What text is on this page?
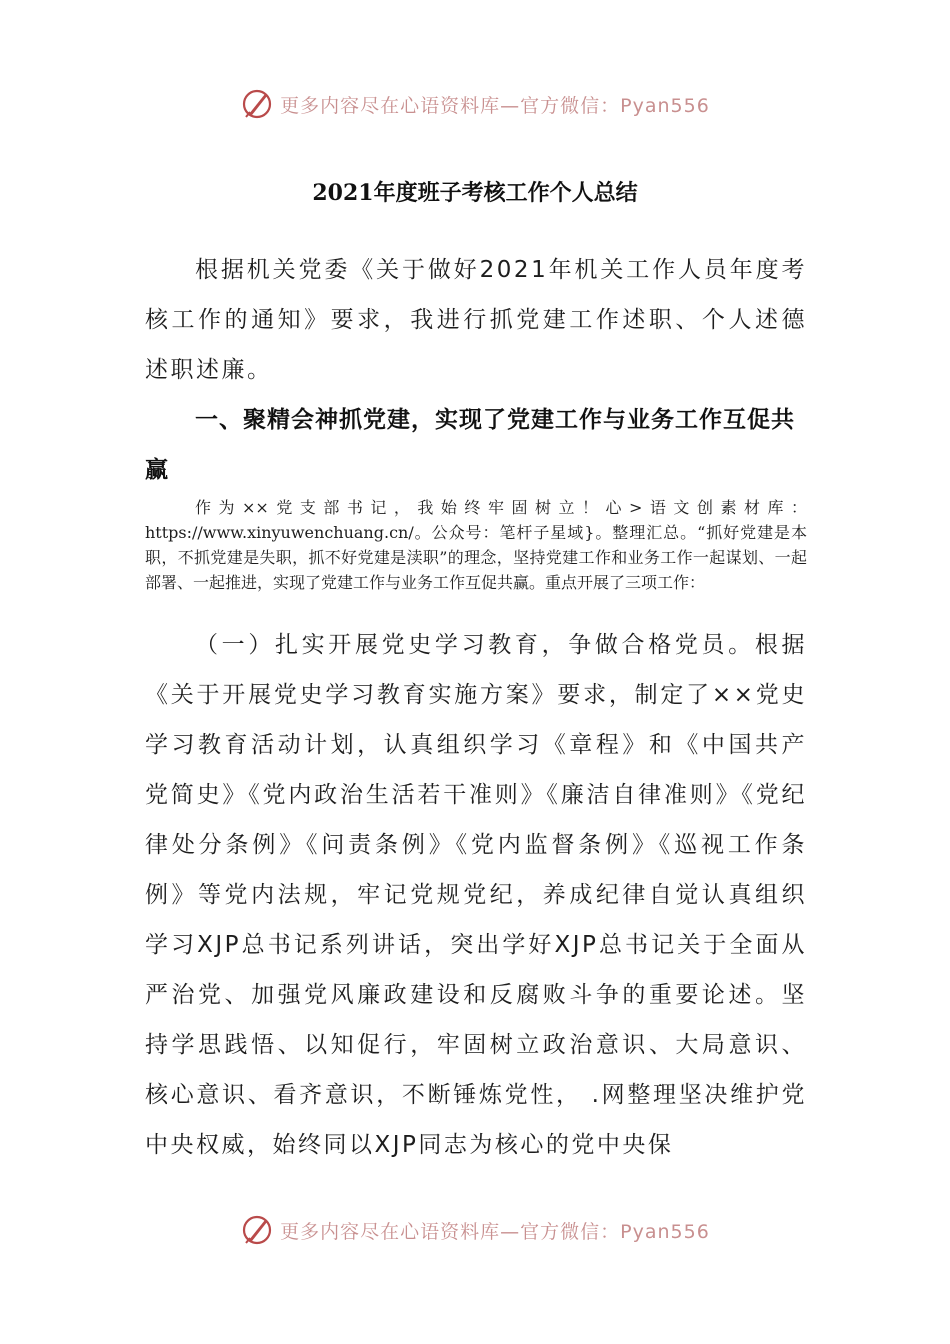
更多内容尽在心语资料库—官方微信：Pyan556
2021年度班子考核工作个人总结

根据机关党委《关于做好2021年机关工作人员年度考核工作的通知》要求，我进行抓党建工作述职、个人述德述职述廉。

一、聚精会神抓党建，实现了党建工作与业务工作互促共赢

作为××党支部书记，我始终牢固树立！心>语文创素材库：https://www.xinyuwenchuang.cn/。公众号：笔杆子星域}。整理汇总。“抓好党建是本职，不抓党建是失职，抓不好党建是渎职”的理念，坚持党建工作和业务工作一起谋划、一起部署、一起推进，实现了党建工作与业务工作互促共赢。重点开展了三项工作：

（一）扎实开展党史学习教育，争做合格党员。根据《关于开展党史学习教育实施方案》要求，制定了××党史学习教育活动计划，认真组织学习《章程》和《中国共产党简史》《党内政治生活若干准则》《廉洁自律准则》《党纪律处分条例》《问责条例》《党内监督条例》《巡视工作条例》等党内法规，牢记党规党纪，养成纪律自觉认真组织学习XJP总书记系列讲话，突出学好XJP总书记关于全面从严治党、加强党风廉政建设和反腐败斗争的重要论述。坚持学思践悟、以知促行，牢固树立政治意识、大局意识、核心意识、看齐意识，不断锤炼党性， .网整理坚决维护党中央权威，始终同以XJP同志为核心的党中央保

更多内容尽在心语资料库—官方微信：Pyan556
